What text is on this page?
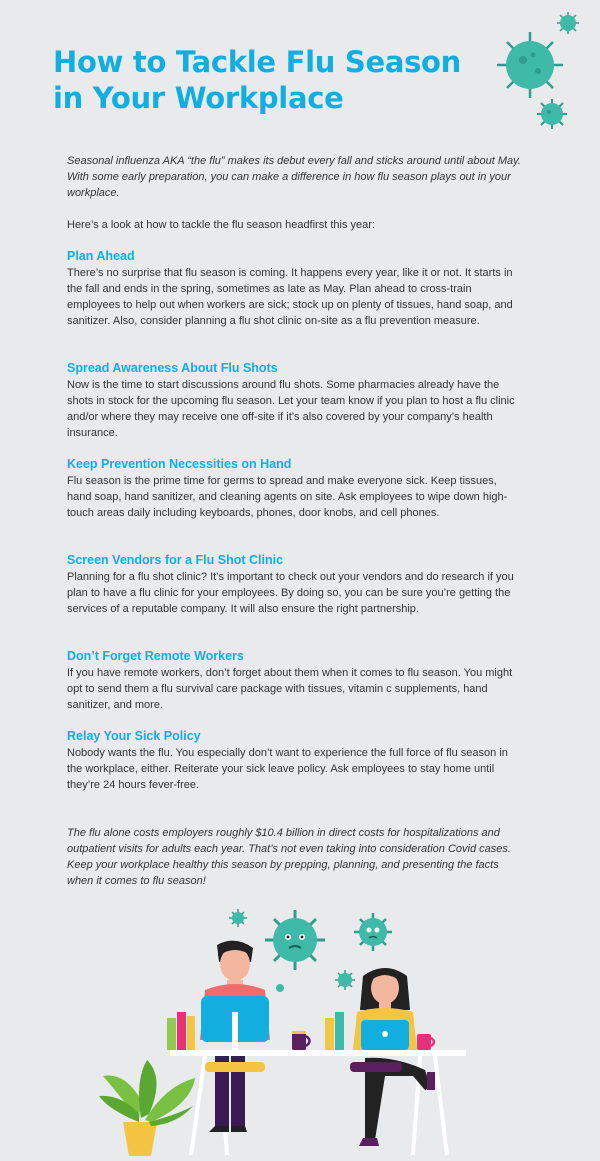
How to Tackle Flu Season
in Your Workplace

Seasonal influenza AKA “the flu” makes its debut every fall and sticks around until about May. With some early preparation, you can make a difference in how flu season plays out in your workplace.

Here’s a look at how to tackle the flu season headfirst this year:

Plan Ahead

There’s no surprise that flu season is coming. It happens every year, like it or not. It starts in the fall and ends in the spring, sometimes as late as May. Plan ahead to cross-train employees to help out when workers are sick; stock up on plenty of tissues, hand soap, and sanitizer. Also, consider planning a flu shot clinic on-site as a flu prevention measure.

Spread Awareness About Flu Shots

Now is the time to start discussions around flu shots. Some pharmacies already have the shots in stock for the upcoming flu season. Let your team know if you plan to host a flu clinic and/or where they may receive one off-site if it’s also covered by your company’s health insurance.

Keep Prevention Necessities on Hand

Flu season is the prime time for germs to spread and make everyone sick. Keep tissues, hand soap, hand sanitizer, and cleaning agents on site. Ask employees to wipe down high-touch areas daily including keyboards, phones, door knobs, and cell phones.

Screen Vendors for a Flu Shot Clinic

Planning for a flu shot clinic? It’s important to check out your vendors and do research if you plan to have a flu clinic for your employees. By doing so, you can be sure you’re getting the services of a reputable company. It will also ensure the right partnership.

Don’t Forget Remote Workers

If you have remote workers, don’t forget about them when it comes to flu season. You might opt to send them a flu survival care package with tissues, vitamin c supplements, hand sanitizer, and more.

Relay Your Sick Policy

Nobody wants the flu. You especially don’t want to experience the full force of flu season in the workplace, either. Reiterate your sick leave policy. Ask employees to stay home until they’re 24 hours fever-free.

The flu alone costs employers roughly $10.4 billion in direct costs for hospitalizations and outpatient visits for adults each year. That’s not even taking into consideration Covid cases. Keep your workplace healthy this season by prepping, planning, and presenting the facts when it comes to flu season!
